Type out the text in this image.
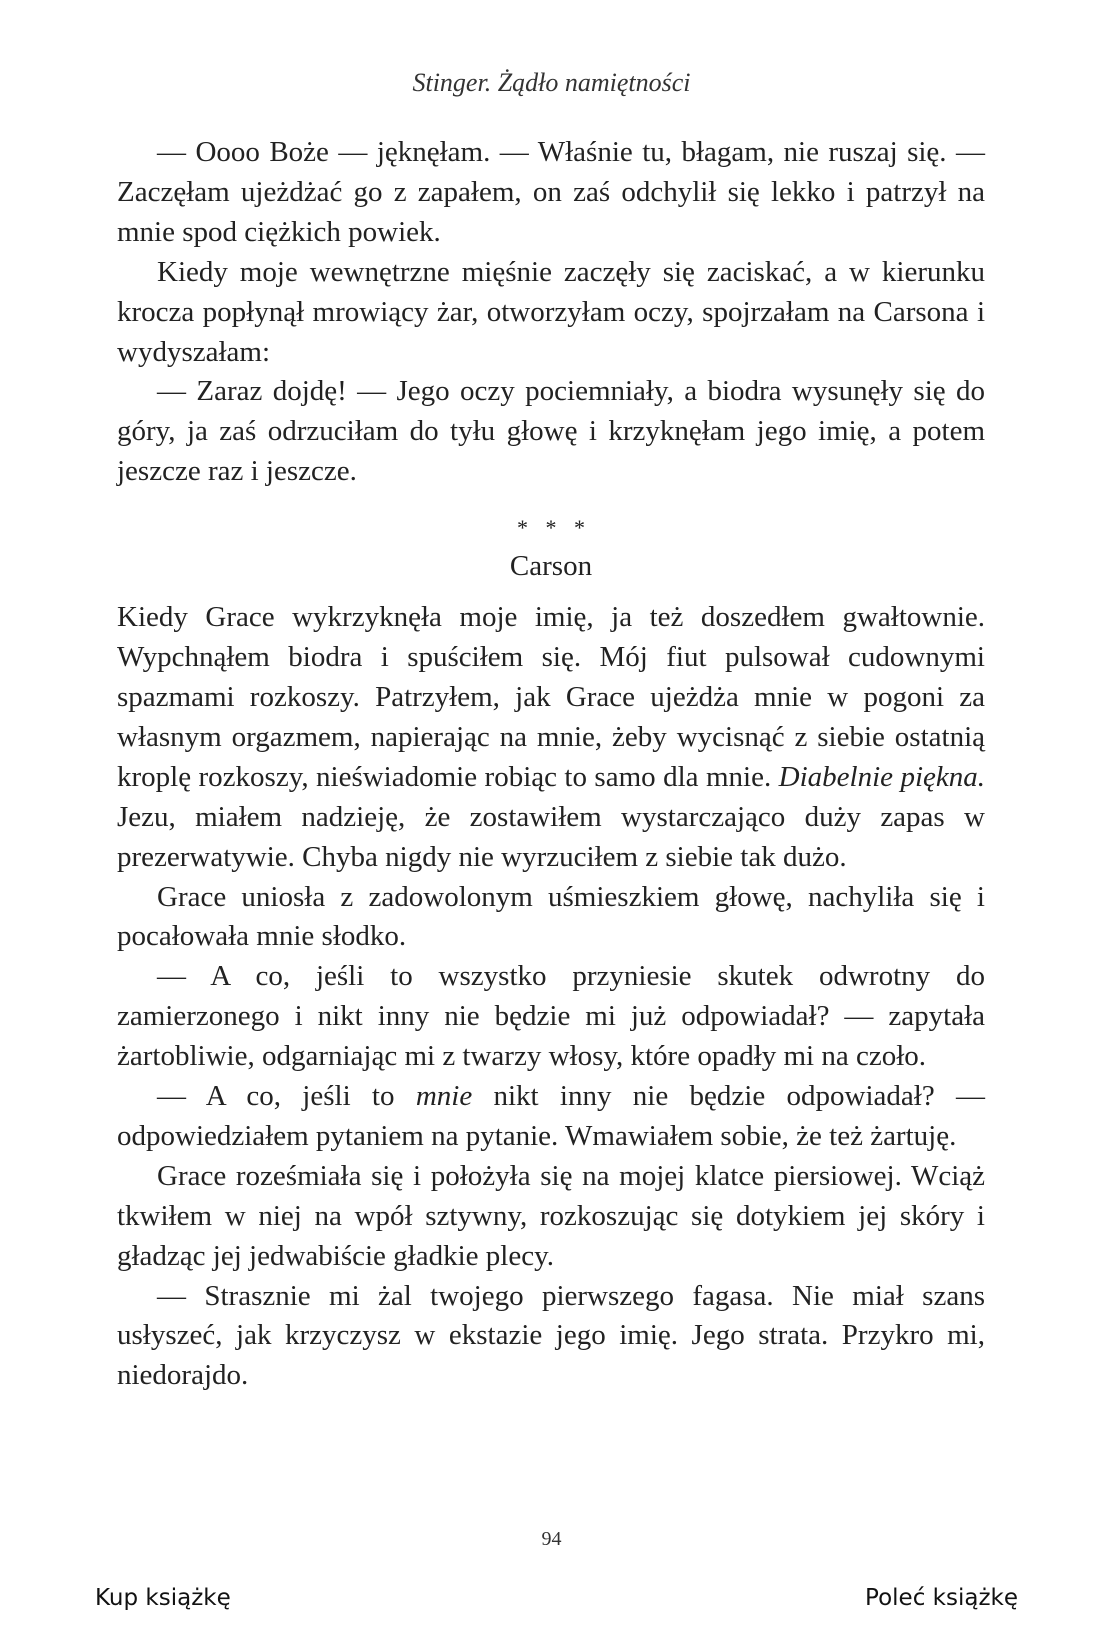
Stinger. Żądło namiętności

— Oooo Boże — jęknęłam. — Właśnie tu, błagam, nie ruszaj się. — Zaczęłam ujeżdżać go z zapałem, on zaś odchylił się lekko i patrzył na mnie spod ciężkich powiek.

Kiedy moje wewnętrzne mięśnie zaczęły się zaciskać, a w kierunku krocza popłynął mrowiący żar, otworzyłam oczy, spojrzałam na Carsona i wydyszałam:

— Zaraz dojdę! — Jego oczy pociemniały, a biodra wysunęły się do góry, ja zaś odrzuciłam do tyłu głowę i krzyknęłam jego imię, a potem jeszcze raz i jeszcze.

* * *
Carson

Kiedy Grace wykrzyknęła moje imię, ja też doszedłem gwałtownie. Wypchnąłem biodra i spuściłem się. Mój fiut pulsował cudownymi spazmami rozkoszy. Patrzyłem, jak Grace ujeżdża mnie w pogoni za własnym orgazmem, napierając na mnie, żeby wycisnąć z siebie ostatnią kroplę rozkoszy, nieświadomie robiąc to samo dla mnie. Diabelnie piękna. Jezu, miałem nadzieję, że zostawiłem wystarczająco duży zapas w prezerwatywie. Chyba nigdy nie wyrzuciłem z siebie tak dużo.

Grace uniosła z zadowolonym uśmieszkiem głowę, nachyliła się i pocałowała mnie słodko.

— A co, jeśli to wszystko przyniesie skutek odwrotny do zamierzonego i nikt inny nie będzie mi już odpowiadał? — zapytała żartobliwie, odgarniając mi z twarzy włosy, które opadły mi na czoło.

— A co, jeśli to mnie nikt inny nie będzie odpowiadał? — odpowiedziałem pytaniem na pytanie. Wmawiałem sobie, że też żartuję.

Grace roześmiała się i położyła się na mojej klatce piersiowej. Wciąż tkwiłem w niej na wpół sztywny, rozkoszując się dotykiem jej skóry i gładząc jej jedwabiście gładkie plecy.

— Strasznie mi żal twojego pierwszego fagasa. Nie miał szans usłyszeć, jak krzyczysz w ekstazie jego imię. Jego strata. Przykro mi, niedorajdo.

94
Kup książkę	Poleć książkę
